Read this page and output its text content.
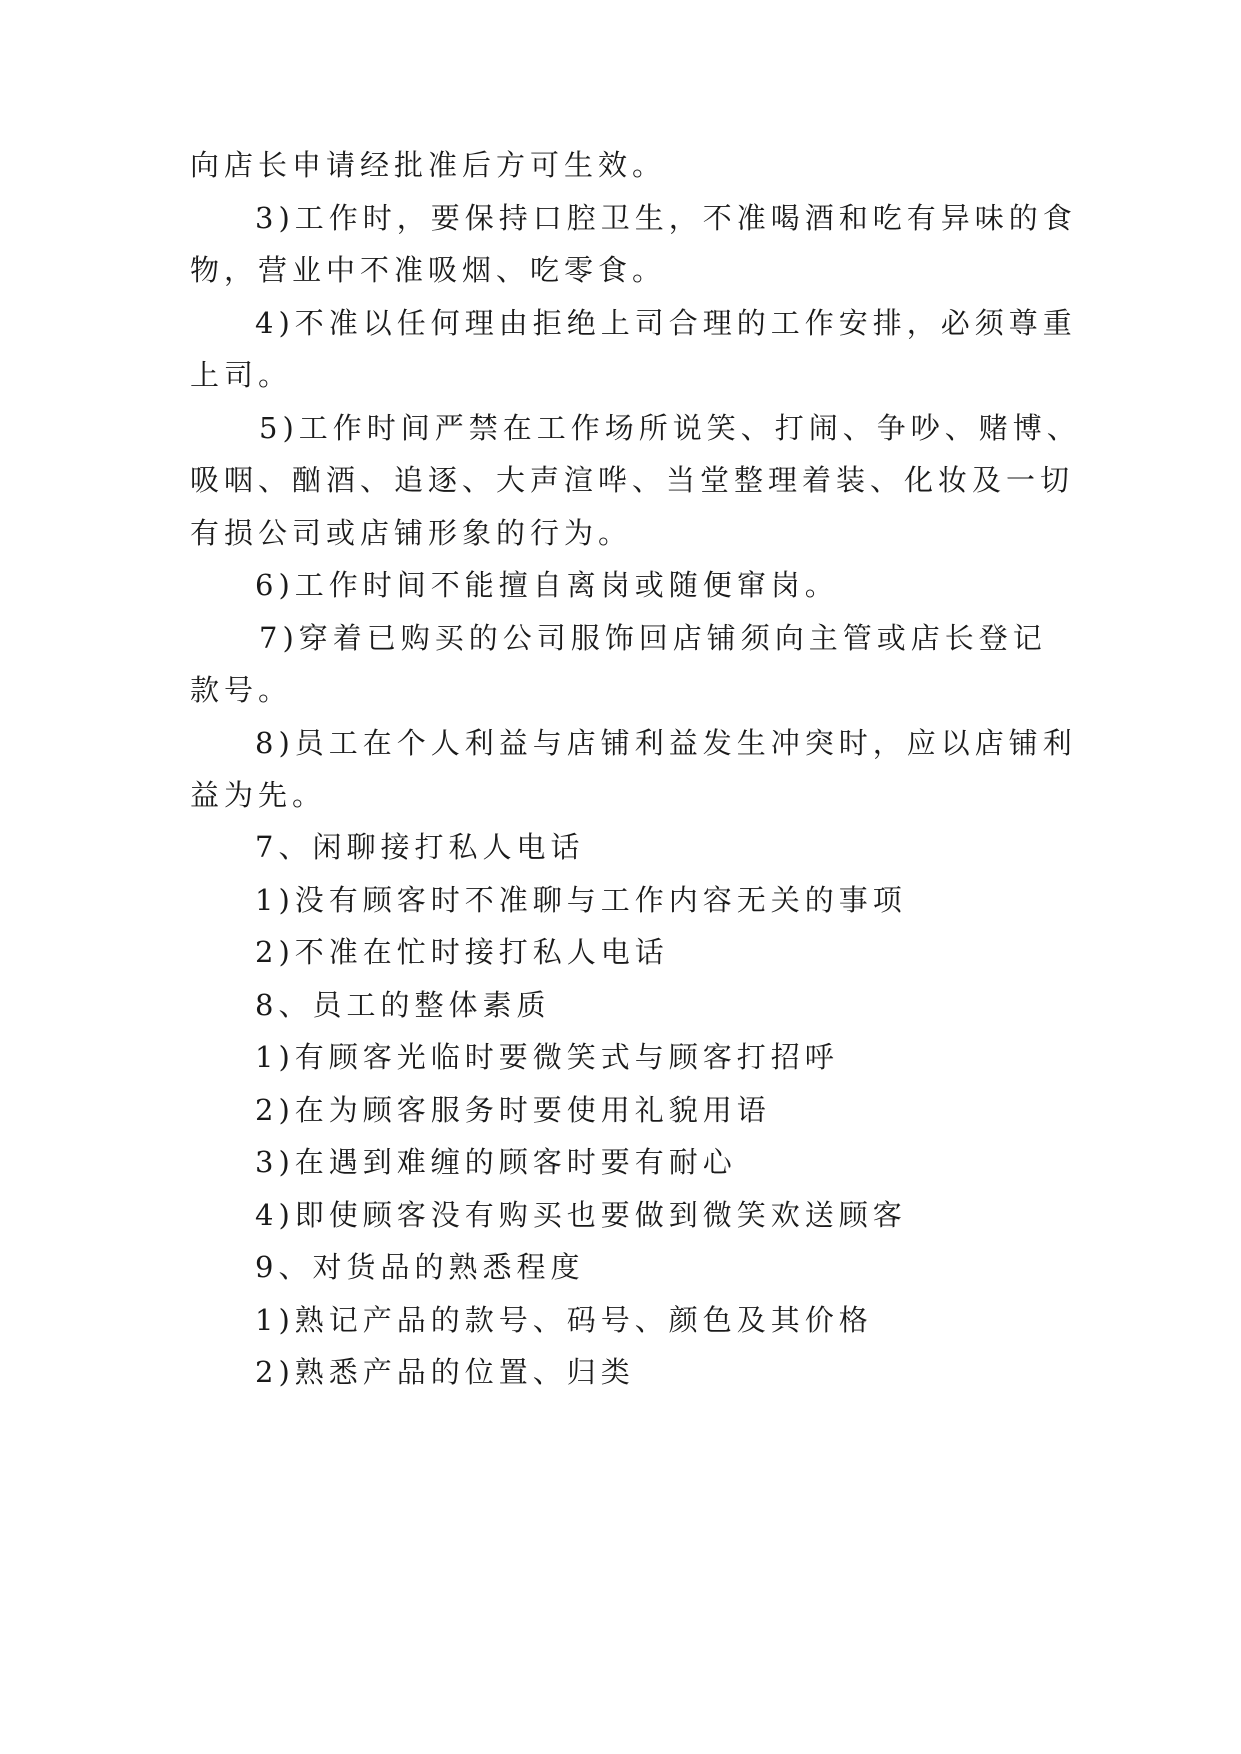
向店长申请经批准后方可生效。
3)工作时，要保持口腔卫生，不准喝酒和吃有异味的食
物，营业中不准吸烟、吃零食。
4)不准以任何理由拒绝上司合理的工作安排，必须尊重
上司。
5)工作时间严禁在工作场所说笑、打闹、争吵、赌博、
吸咽、酗酒、追逐、大声渲哗、当堂整理着装、化妆及一切
有损公司或店铺形象的行为。
6)工作时间不能擅自离岗或随便窜岗。
7)穿着已购买的公司服饰回店铺须向主管或店长登记
款号。
8)员工在个人利益与店铺利益发生冲突时，应以店铺利
益为先。
7、闲聊接打私人电话
1)没有顾客时不准聊与工作内容无关的事项
2)不准在忙时接打私人电话
8、员工的整体素质
1)有顾客光临时要微笑式与顾客打招呼
2)在为顾客服务时要使用礼貌用语
3)在遇到难缠的顾客时要有耐心
4)即使顾客没有购买也要做到微笑欢送顾客
9、对货品的熟悉程度
1)熟记产品的款号、码号、颜色及其价格
2)熟悉产品的位置、归类
